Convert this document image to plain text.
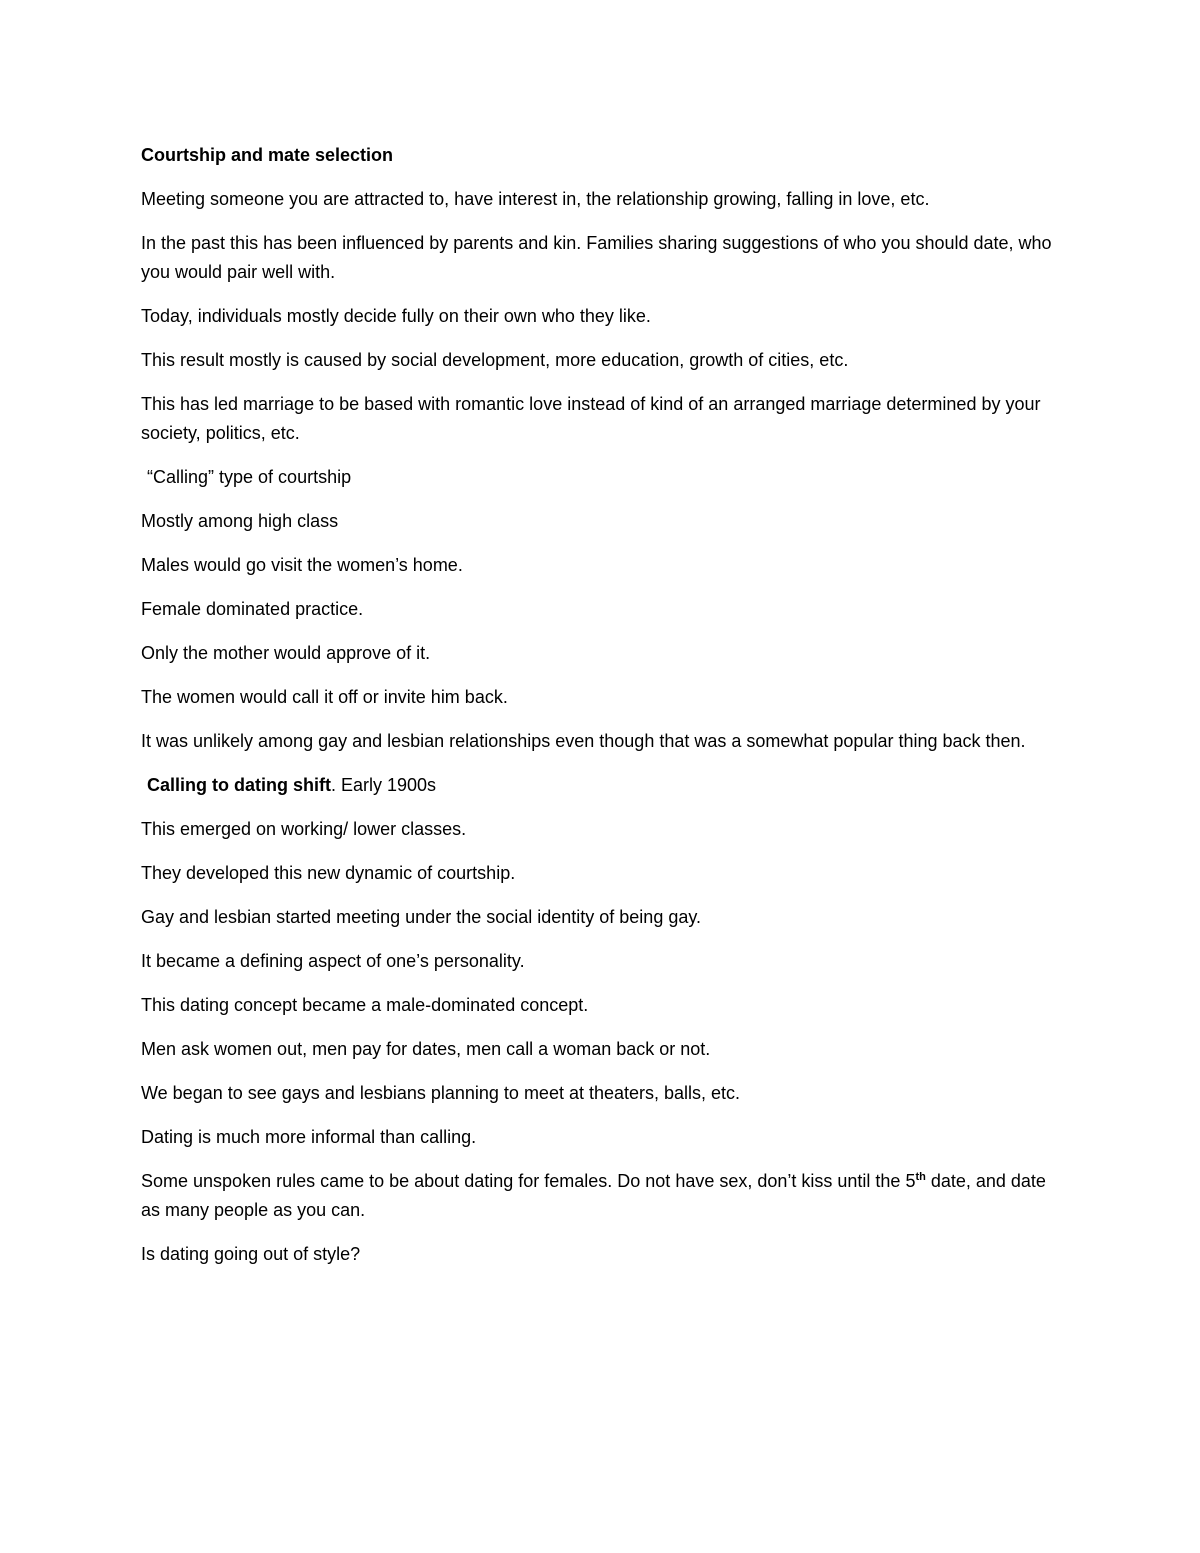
Courtship and mate selection

Meeting someone you are attracted to, have interest in, the relationship growing, falling in love, etc.

In the past this has been influenced by parents and kin. Families sharing suggestions of who you should date, who you would pair well with.

Today, individuals mostly decide fully on their own who they like.

This result mostly is caused by social development, more education, growth of cities, etc.

This has led marriage to be based with romantic love instead of kind of an arranged marriage determined by your society, politics, etc.

“Calling” type of courtship

Mostly among high class

Males would go visit the women’s home.

Female dominated practice.

Only the mother would approve of it.

The women would call it off or invite him back.

It was unlikely among gay and lesbian relationships even though that was a somewhat popular thing back then.

Calling to dating shift. Early 1900s

This emerged on working/ lower classes.

They developed this new dynamic of courtship.

Gay and lesbian started meeting under the social identity of being gay.

It became a defining aspect of one’s personality.

This dating concept became a male-dominated concept.

Men ask women out, men pay for dates, men call a woman back or not.

We began to see gays and lesbians planning to meet at theaters, balls, etc.

Dating is much more informal than calling.

Some unspoken rules came to be about dating for females. Do not have sex, don’t kiss until the 5th date, and date as many people as you can.

Is dating going out of style?
